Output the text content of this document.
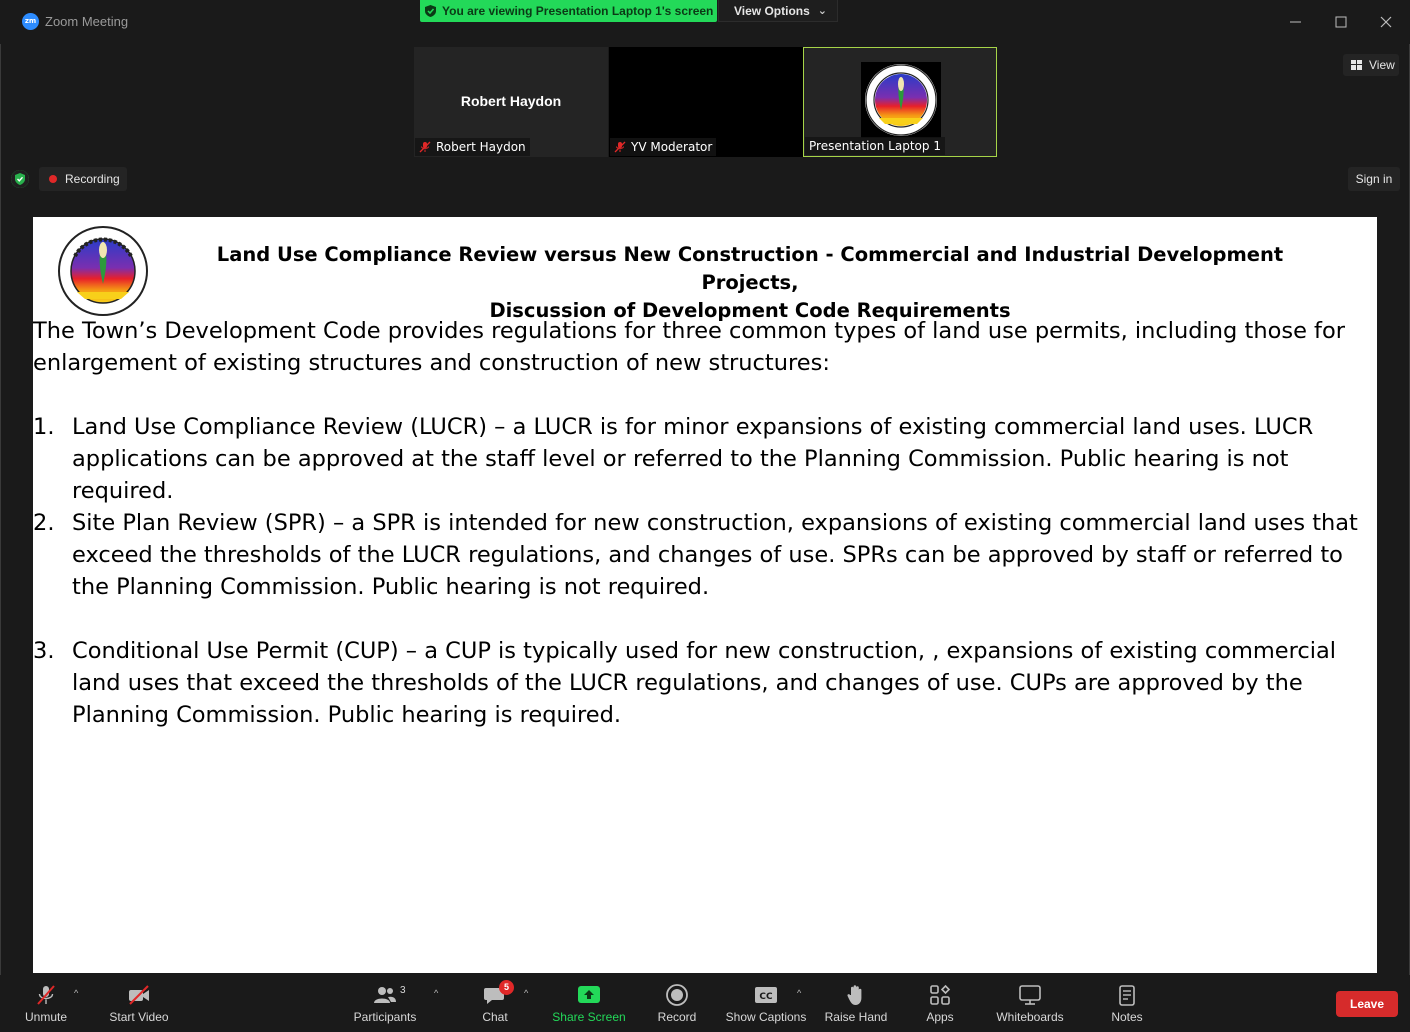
zm Zoom Meeting
You are viewing Presentation Laptop 1's screen	View Options ⌄
Robert Haydon
Robert Haydon	YV Moderator	Presentation Laptop 1
View
Recording	Sign in
Land Use Compliance Review versus New Construction - Commercial and Industrial Development Projects,
Discussion of Development Code Requirements
The Town’s Development Code provides regulations for three common types of land use permits, including those for enlargement of existing structures and construction of new structures:
1. Land Use Compliance Review (LUCR) – a LUCR is for minor expansions of existing commercial land uses. LUCR applications can be approved at the staff level or referred to the Planning Commission. Public hearing is not required.
2. Site Plan Review (SPR) – a SPR is intended for new construction, expansions of existing commercial land uses that exceed the thresholds of the LUCR regulations, and changes of use. SPRs can be approved by staff or referred to the Planning Commission. Public hearing is not required.
3. Conditional Use Permit (CUP) – a CUP is typically used for new construction, , expansions of existing commercial land uses that exceed the thresholds of the LUCR regulations, and changes of use. CUPs are approved by the Planning Commission. Public hearing is required.
Unmute
^
Start Video	Participants
3	^
Chat
5
^
Share Screen	Record
CC
Show Captions
^
Raise Hand	Apps	Whiteboards	Notes
Leave
